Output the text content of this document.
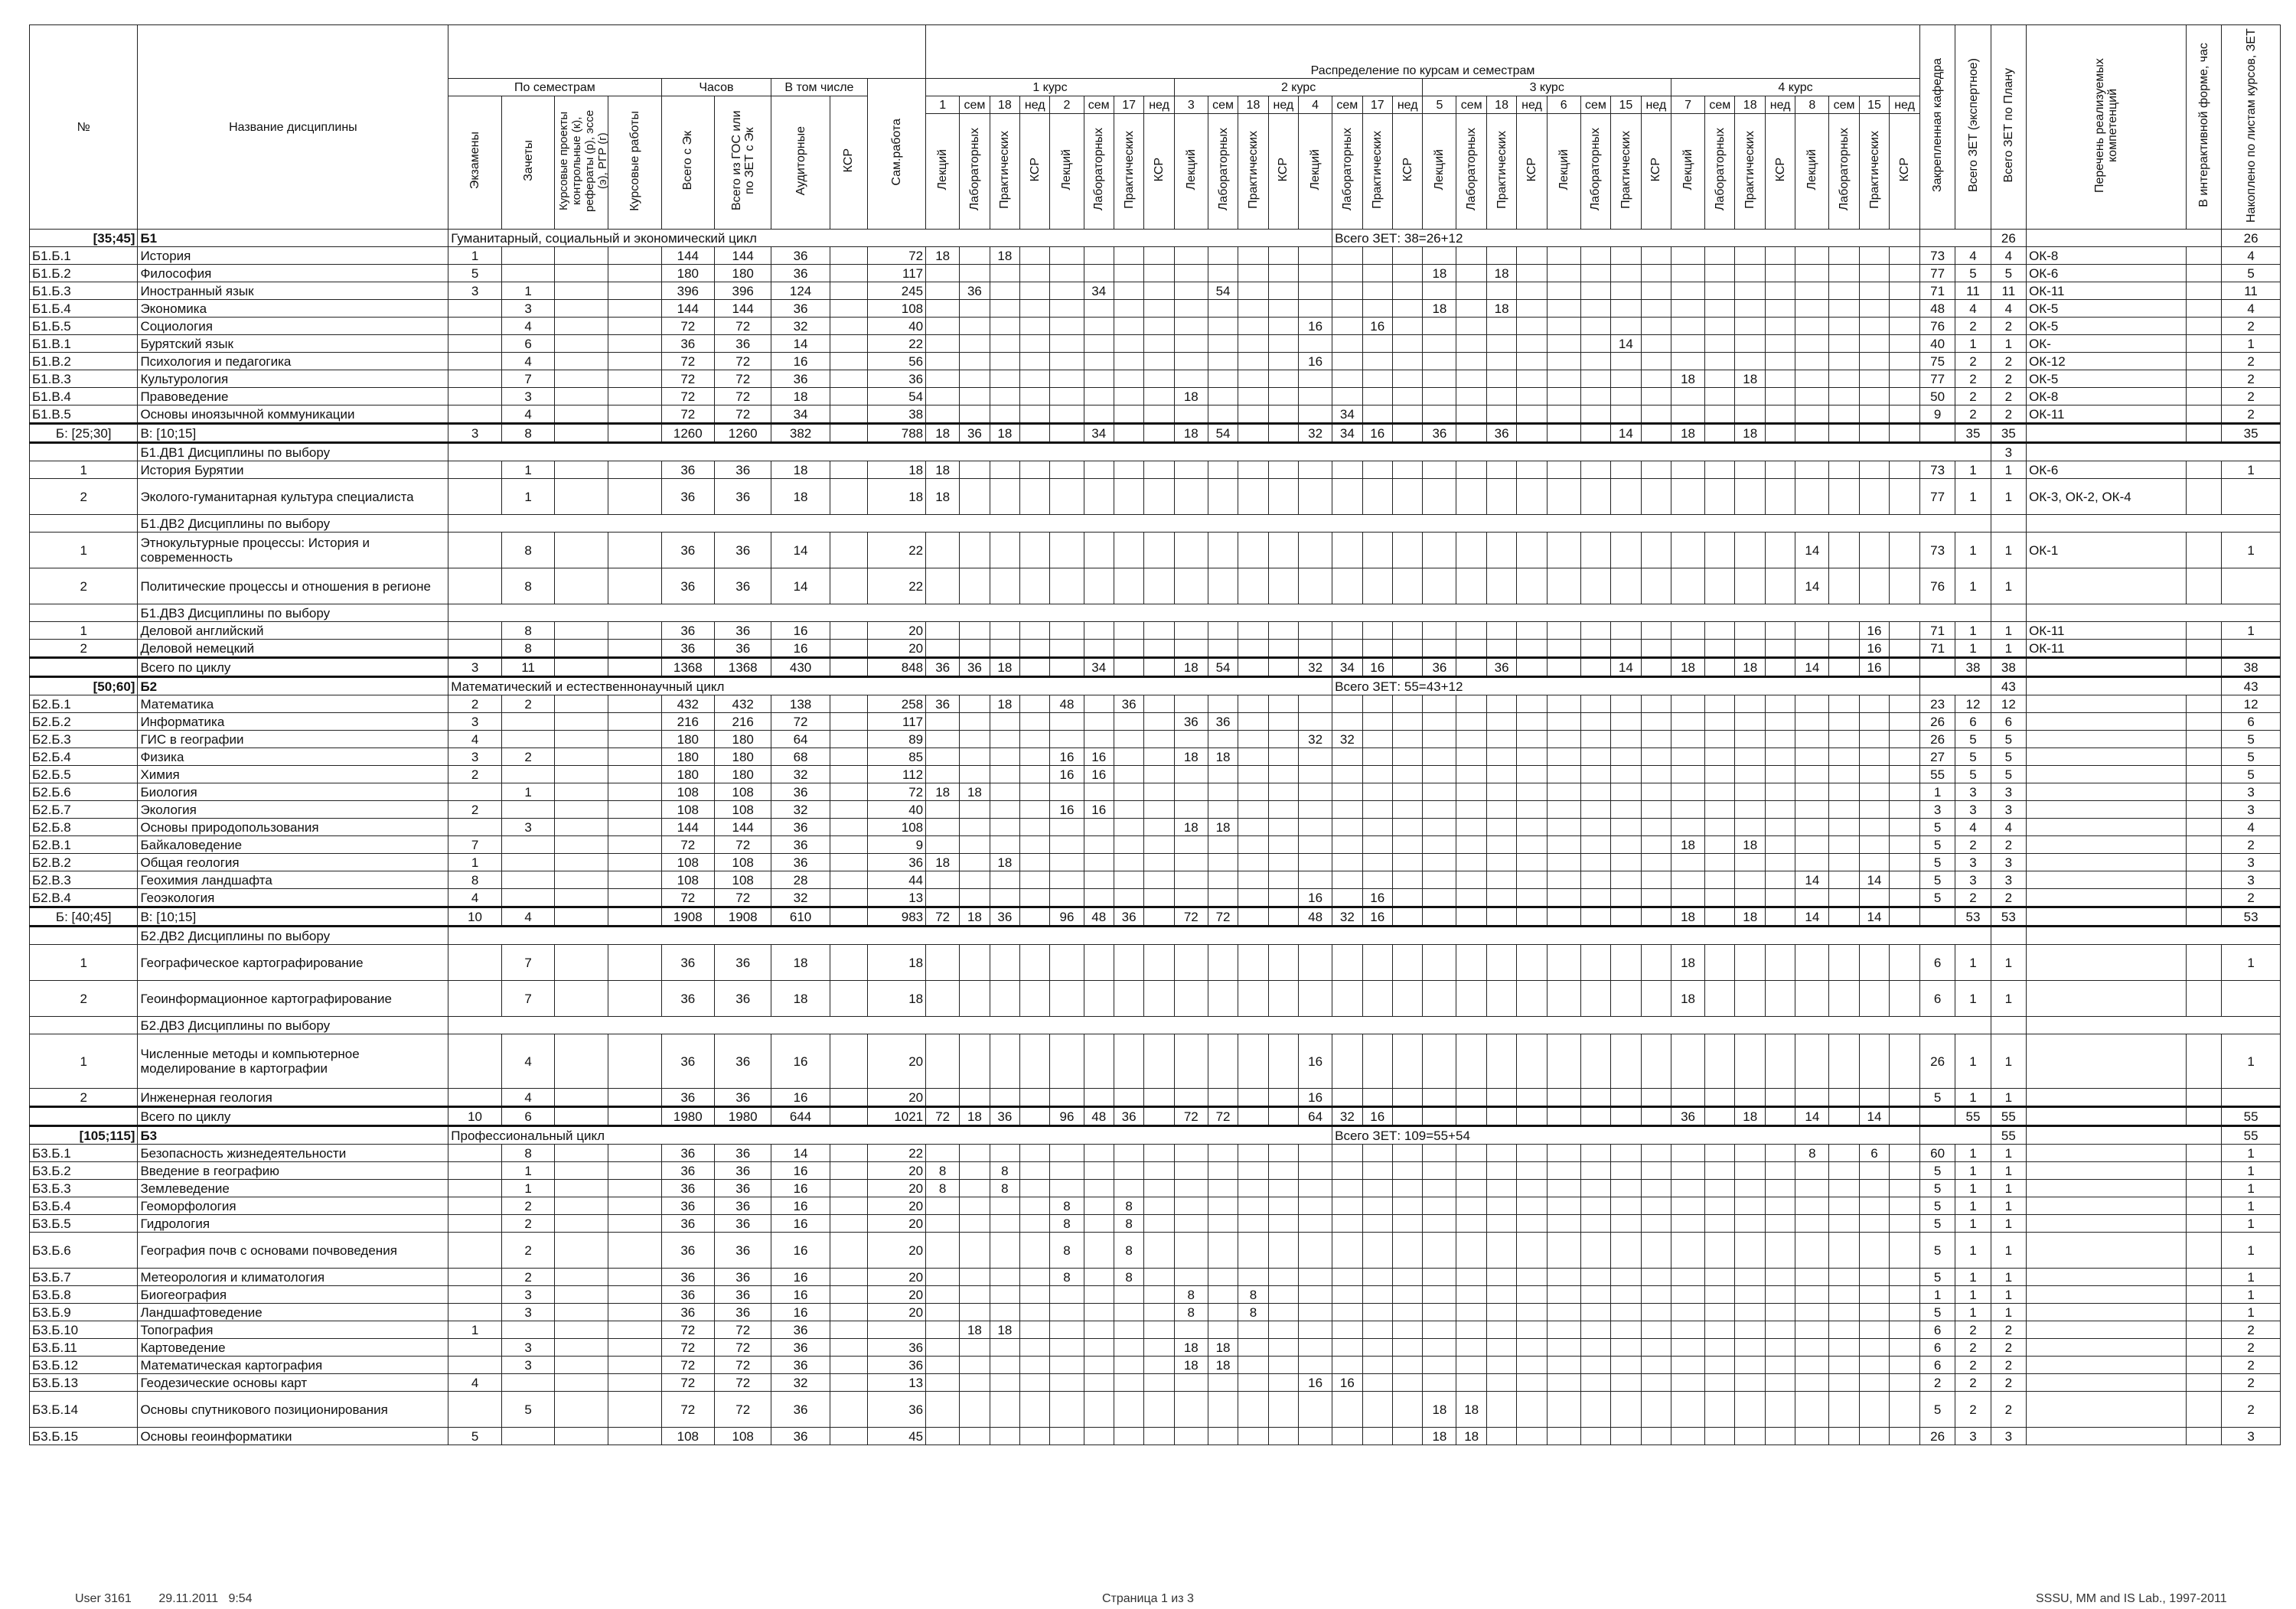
№	Название дисциплины										Распределение по курсам и семестрам																																Закрепленная кафедра	Всего ЗЕТ (экспертное)	Всего ЗЕТ по Плану	Перечень реализуемых компетенций	В интерактивной форме, час	Накоплено по листам курсов, ЗЕТ
		По семестрам				Часов		В том числе		Сам.работа	1 курс								2 курс								3 курс								4 курс													
		Экзамены	Зачеты	Курсовые проекты контрольные (к), рефераты (р), эссе (э), РГР (г)	Курсовые работы	Всего с Эк	Всего из ГОС или по ЗЕТ с Эк	Аудиторные	КСР		1	сем	18	нед	2	сем	17	нед	3	сем	18	нед	4	сем	17	нед	5	сем	18	нед	6	сем	15	нед	7	сем	18	нед	8	сем	15	нед						
											Лекций	Лабораторных	Практических	КСР	Лекций	Лабораторных	Практических	КСР	Лекций	Лабораторных	Практических	КСР	Лекций	Лабораторных	Практических	КСР	Лекций	Лабораторных	Практических	КСР	Лекций	Лабораторных	Практических	КСР	Лекций	Лабораторных	Практических	КСР	Лекций	Лабораторных	Практических	КСР						
[35;45]	Б1	Гуманитарный, социальный и экономический цикл																						Всего ЗЕТ: 38=26+12																					26			26
Б1.Б.1	История	1				144	144	36		72	18		18																														73	4	4	ОК-8		4
Б1.Б.2	Философия	5				180	180	36		117																	18		18														77	5	5	ОК-6		5
Б1.Б.3	Иностранный язык	3	1			396	396	124		245		36				34				54																							71	11	11	ОК-11		11
Б1.Б.4	Экономика		3			144	144	36		108																	18		18														48	4	4	ОК-5		4
Б1.Б.5	Социология		4			72	72	32		40													16		16																		76	2	2	ОК-5		2
Б1.В.1	Бурятский язык		6			36	36	14		22																							14										40	1	1	ОК-		1
Б1.В.2	Психология и педагогика		4			72	72	16		56													16																				75	2	2	ОК-12		2
Б1.В.3	Культурология		7			72	72	36		36																									18		18						77	2	2	ОК-5		2
Б1.В.4	Правоведение		3			72	72	18		54									18																								50	2	2	ОК-8		2
Б1.В.5	Основы иноязычной коммуникации		4			72	72	34		38														34																			9	2	2	ОК-11		2
Б: [25;30]	В: [10;15]	3	8			1260	1260	382		788	18	36	18			34			18	54			32	34	16		36		36				14		18		18							35	35			35
	Б1.ДВ1 Дисциплины по выбору																																												3			
1	История Бурятии		1			36	36	18		18	18																																73	1	1	ОК-6		1
2	Эколого-гуманитарная культура специалиста		1			36	36	18		18	18																																77	1	1	ОК-3, ОК-2, ОК-4		
	Б1.ДВ2 Дисциплины по выбору																																															
1	Этнокультурные процессы: История и современность		8			36	36	14		22																													14				73	1	1	ОК-1		1
2	Политические процессы и отношения в регионе		8			36	36	14		22																													14				76	1	1			
	Б1.ДВ3 Дисциплины по выбору																																															
1	Деловой английский		8			36	36	16		20																															16		71	1	1	ОК-11		1
2	Деловой немецкий		8			36	36	16		20																															16		71	1	1	ОК-11		
	Всего по циклу	3	11			1368	1368	430		848	36	36	18			34			18	54			32	34	16		36		36				14		18		18		14		16			38	38			38
[50;60]	Б2	Математический и естественнонаучный цикл																						Всего ЗЕТ: 55=43+12																					43			43
Б2.Б.1	Математика	2	2			432	432	138		258	36		18		48		36																										23	12	12			12
Б2.Б.2	Информатика	3				216	216	72		117									36	36																							26	6	6			6
Б2.Б.3	ГИС в географии	4				180	180	64		89													32	32																			26	5	5			5
Б2.Б.4	Физика	3	2			180	180	68		85					16	16			18	18																							27	5	5			5
Б2.Б.5	Химия	2				180	180	32		112					16	16																											55	5	5			5
Б2.Б.6	Биология		1			108	108	36		72	18	18																															1	3	3			3
Б2.Б.7	Экология	2				108	108	32		40					16	16																											3	3	3			3
Б2.Б.8	Основы природопользования		3			144	144	36		108									18	18																							5	4	4			4
Б2.В.1	Байкаловедение	7				72	72	36		9																									18		18						5	2	2			2
Б2.В.2	Общая геология	1				108	108	36		36	18		18																														5	3	3			3
Б2.В.3	Геохимия ландшафта	8				108	108	28		44																													14		14		5	3	3			3
Б2.В.4	Геоэкология	4				72	72	32		13													16		16																		5	2	2			2
Б: [40;45]	В: [10;15]	10	4			1908	1908	610		983	72	18	36		96	48	36		72	72			48	32	16										18		18		14		14			53	53			53
	Б2.ДВ2 Дисциплины по выбору																																															
1	Географическое картографирование		7			36	36	18		18																									18								6	1	1			1
2	Геоинформационное картографирование		7			36	36	18		18																									18								6	1	1			
	Б2.ДВ3 Дисциплины по выбору																																															
1	Численные методы и компьютерное моделирование в картографии		4			36	36	16		20													16																				26	1	1			1
2	Инженерная геология		4			36	36	16		20													16																				5	1	1			
	Всего по циклу	10	6			1980	1980	644		1021	72	18	36		96	48	36		72	72			64	32	16										36		18		14		14			55	55			55
[105;115]	Б3	Профессиональный цикл																						Всего ЗЕТ: 109=55+54																					55			55
Б3.Б.1	Безопасность жизнедеятельности		8			36	36	14		22																													8		6		60	1	1			1
Б3.Б.2	Введение в географию		1			36	36	16		20	8		8																														5	1	1			1
Б3.Б.3	Землеведение		1			36	36	16		20	8		8																														5	1	1			1
Б3.Б.4	Геоморфология		2			36	36	16		20					8		8																										5	1	1			1
Б3.Б.5	Гидрология		2			36	36	16		20					8		8																										5	1	1			1
Б3.Б.6	География почв с основами почвоведения		2			36	36	16		20					8		8																										5	1	1			1
Б3.Б.7	Метеорология и климатология		2			36	36	16		20					8		8																										5	1	1			1
Б3.Б.8	Биогеография		3			36	36	16		20									8		8																						1	1	1			1
Б3.Б.9	Ландшафтоведение		3			36	36	16		20									8		8																						5	1	1			1
Б3.Б.10	Топография	1				72	72	36				18	18																														6	2	2			2
Б3.Б.11	Картоведение		3			72	72	36		36									18	18																							6	2	2			2
Б3.Б.12	Математическая картография		3			72	72	36		36									18	18																							6	2	2			2
Б3.Б.13	Геодезические основы карт	4				72	72	32		13													16	16																			2	2	2			2
Б3.Б.14	Основы спутникового позиционирования		5			72	72	36		36																	18	18															5	2	2			2
Б3.Б.15	Основы геоинформатики	5				108	108	36		45																	18	18															26	3	3			3
User 3161 29.11.2011 9:54	Страница 1 из 3	SSSU, MM and IS Lab., 1997-2011
